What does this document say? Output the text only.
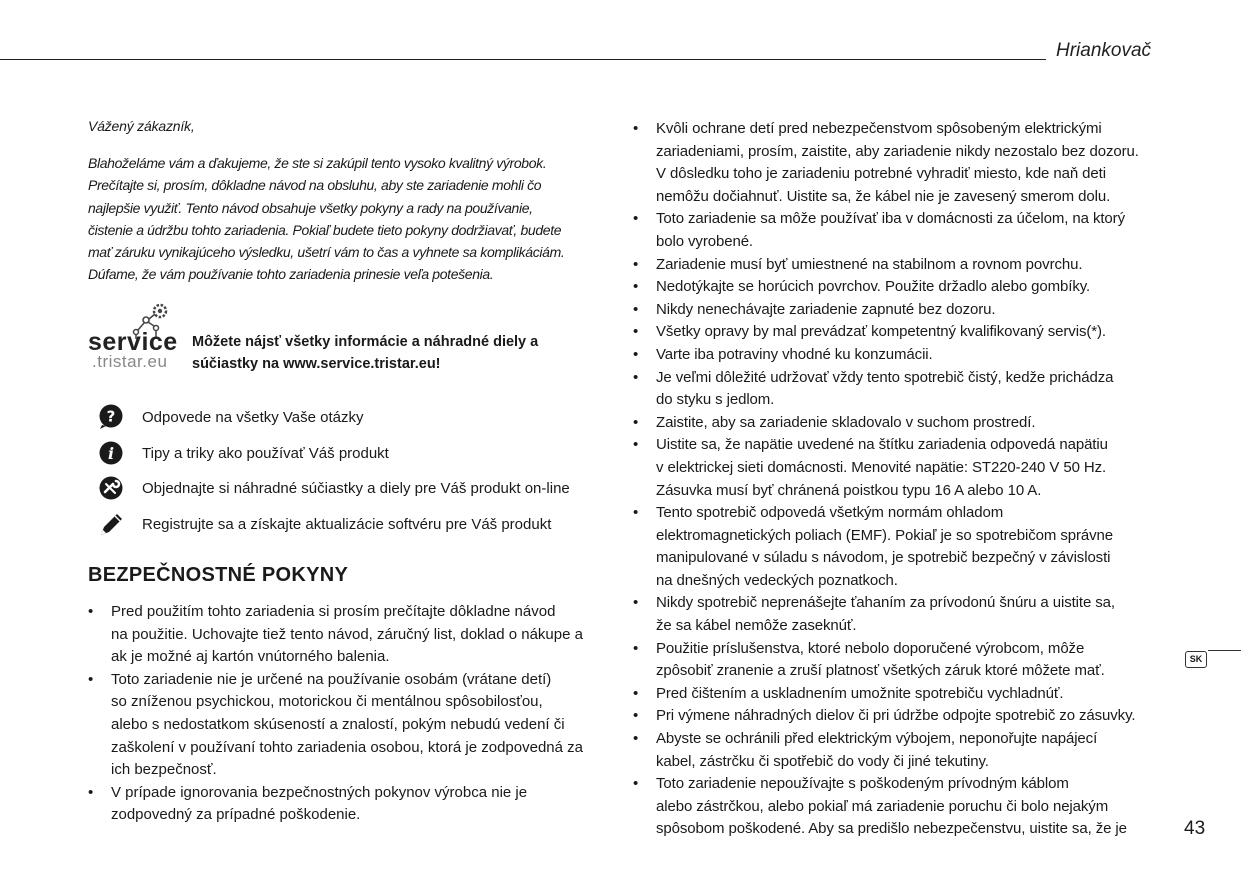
Hriankovač

Vážený zákazník,

Blahoželáme vám a ďakujeme, že ste si zakúpil tento vysoko kvalitný výrobok.
Prečítajte si, prosím, dôkladne návod na obsluhu, aby ste zariadenie mohli čo
najlepšie využiť. Tento návod obsahuje všetky pokyny a rady na používanie,
čistenie a údržbu tohto zariadenia. Pokiaľ budete tieto pokyny dodržiavať, budete
mať záruku vynikajúceho výsledku, ušetrí vám to čas a vyhnete sa komplikáciám.
Dúfame, že vám používanie tohto zariadenia prinesie veľa potešenia.

service
.tristar.eu
Môžete nájsť všetky informácie a náhradné diely a
súčiastky na www.service.tristar.eu!
? Odpovede na všetky Vaše otázky
i Tipy a triky ako používať Váš produkt
Objednajte si náhradné súčiastky a diely pre Váš produkt on-line
Registrujte sa a získajte aktualizácie softvéru pre Váš produkt
BEZPEČNOSTNÉ POKYNY
• Pred použitím tohto zariadenia si prosím prečítajte dôkladne návod
na použitie. Uchovajte tiež tento návod, záručný list, doklad o nákupe a
ak je možné aj kartón vnútorného balenia.
• Toto zariadenie nie je určené na používanie osobám (vrátane detí)
so zníženou psychickou, motorickou či mentálnou spôsobilosťou,
alebo s nedostatkom skúseností a znalostí, pokým nebudú vedení či
zaškolení v používaní tohto zariadenia osobou, ktorá je zodpovedná za
ich bezpečnosť.
• V prípade ignorovania bezpečnostných pokynov výrobca nie je
zodpovedný za prípadné poškodenie.
• Kvôli ochrane detí pred nebezpečenstvom spôsobeným elektrickými
zariadeniami, prosím, zaistite, aby zariadenie nikdy nezostalo bez dozoru.
V dôsledku toho je zariadeniu potrebné vyhradiť miesto, kde naň deti
nemôžu dočiahnuť. Uistite sa, že kábel nie je zavesený smerom dolu.
• Toto zariadenie sa môže používať iba v domácnosti za účelom, na ktorý
bolo vyrobené.
• Zariadenie musí byť umiestnené na stabilnom a rovnom povrchu.
• Nedotýkajte se horúcich povrchov. Použite držadlo alebo gombíky.
• Nikdy nenechávajte zariadenie zapnuté bez dozoru.
• Všetky opravy by mal prevádzať kompetentný kvalifikovaný servis(*).
• Varte iba potraviny vhodné ku konzumácii.
• Je veľmi dôležité udržovať vždy tento spotrebič čistý, kedže prichádza
do styku s jedlom.
• Zaistite, aby sa zariadenie skladovalo v suchom prostredí.
• Uistite sa, že napätie uvedené na štítku zariadenia odpovedá napätiu
v elektrickej sieti domácnosti. Menovité napätie: ST220-240 V 50 Hz.
Zásuvka musí byť chránená poistkou typu 16 A alebo 10 A.
• Tento spotrebič odpovedá všetkým normám ohladom
elektromagnetických poliach (EMF). Pokiaľ je so spotrebičom správne
manipulované v súladu s návodom, je spotrebič bezpečný v závislosti
na dnešných vedeckých poznatkoch.
• Nikdy spotrebič neprenášejte ťahaním za prívodonú šnúru a uistite sa,
že sa kábel nemôže zaseknúť.
• Použitie príslušenstva, ktoré nebolo doporučené výrobcom, môže
zpôsobiť zranenie a zruší platnosť všetkých záruk ktoré môžete mať.
• Pred čištením a uskladnením umožnite spotrebiču vychladnúť.
• Pri výmene náhradných dielov či pri údržbe odpojte spotrebič zo zásuvky.
• Abyste se ochránili před elektrickým výbojem, neponořujte napájecí
kabel, zástrčku či spotřebič do vody či jiné tekutiny.
• Toto zariadenie nepoužívajte s poškodeným prívodným káblom
alebo zástrčkou, alebo pokiaľ má zariadenie poruchu či bolo nejakým
spôsobom poškodené. Aby sa predišlo nebezpečenstvu, uistite sa, že je
SK
43
